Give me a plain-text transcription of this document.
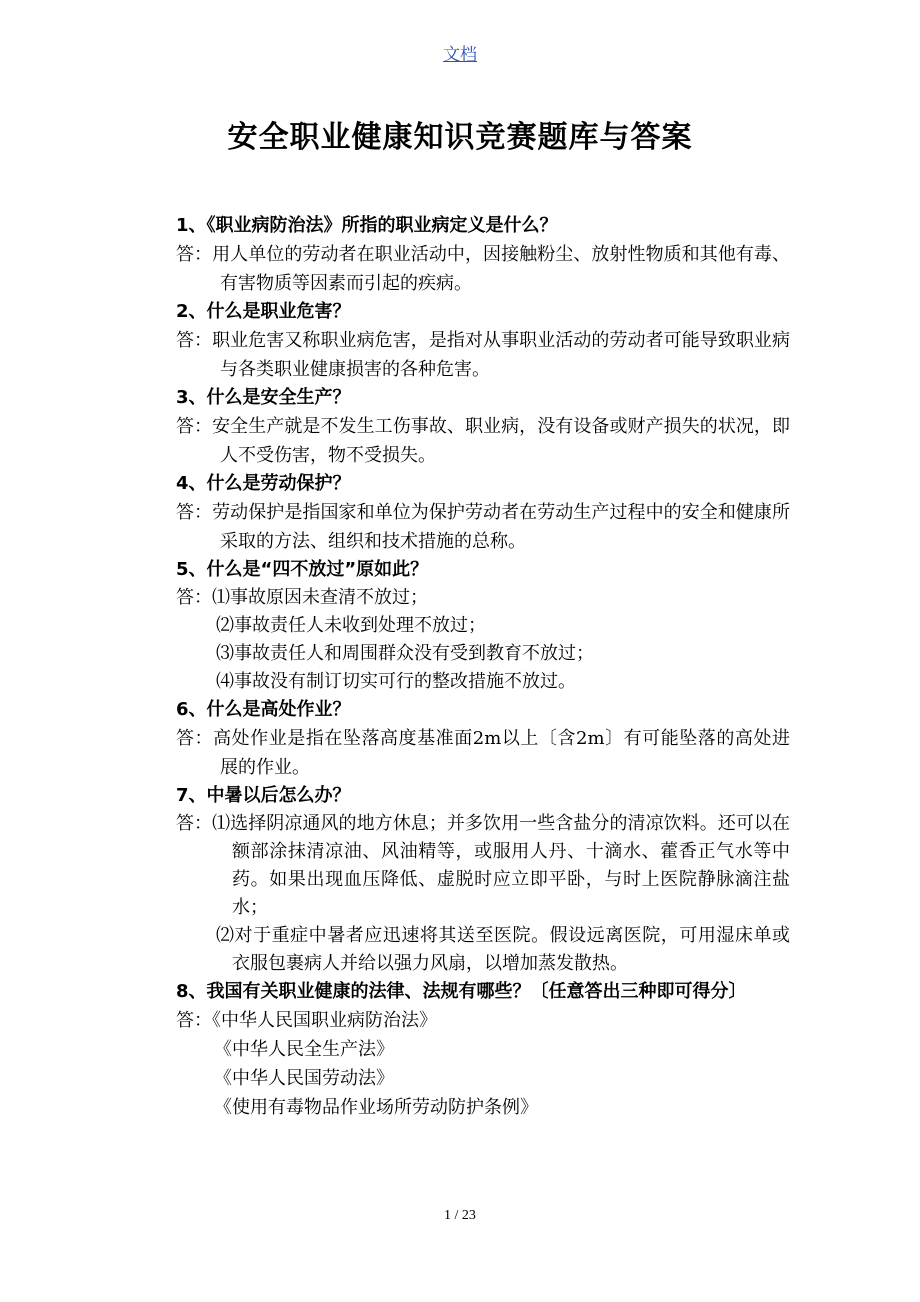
文档
安全职业健康知识竞赛题库与答案

1、《职业病防治法》所指的职业病定义是什么？

答：用人单位的劳动者在职业活动中，因接触粉尘、放射性物质和其他有毒、有害物质等因素而引起的疾病。

2、什么是职业危害？

答：职业危害又称职业病危害，是指对从事职业活动的劳动者可能导致职业病与各类职业健康损害的各种危害。

3、什么是安全生产？

答：安全生产就是不发生工伤事故、职业病，没有设备或财产损失的状况，即人不受伤害，物不受损失。

4、什么是劳动保护？

答：劳动保护是指国家和单位为保护劳动者在劳动生产过程中的安全和健康所采取的方法、组织和技术措施的总称。

5、什么是“四不放过”原如此？

答：⑴事故原因未查清不放过；
⑵事故责任人未收到处理不放过；
⑶事故责任人和周围群众没有受到教育不放过；
⑷事故没有制订切实可行的整改措施不放过。

6、什么是高处作业？

答：高处作业是指在坠落高度基准面2m以上〔含2m〕有可能坠落的高处进展的作业。

7、中暑以后怎么办？

答：⑴选择阴凉通风的地方休息；并多饮用一些含盐分的清凉饮料。还可以在额部涂抹清凉油、风油精等，或服用人丹、十滴水、藿香正气水等中药。如果出现血压降低、虚脱时应立即平卧，与时上医院静脉滴注盐水；
⑵对于重症中暑者应迅速将其送至医院。假设远离医院，可用湿床单或衣服包裹病人并给以强力风扇，以增加蒸发散热。

8、我国有关职业健康的法律、法规有哪些？〔任意答出三种即可得分〕

答：《中华人民国职业病防治法》

《中华人民全生产法》

《中华人民国劳动法》

《使用有毒物品作业场所劳动防护条例》

1 / 23
